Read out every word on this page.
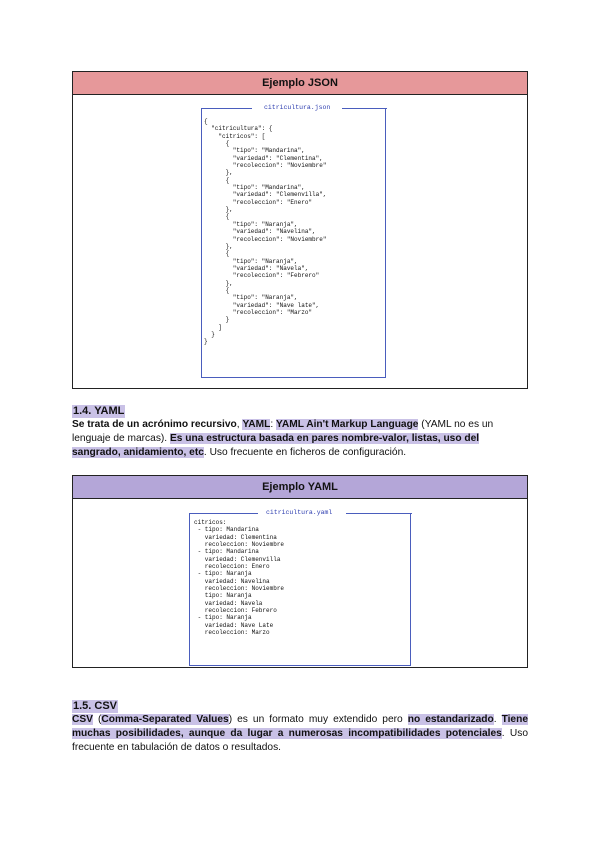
Ejemplo JSON
citricultura.json
{
"citricultura": {
"citricos": [
{
"tipo": "Mandarina",
"variedad": "Clementina",
"recoleccion": "Noviembre"
},
{
"tipo": "Mandarina",
"variedad": "Clemenvilla",
"recoleccion": "Enero"
},
{
"tipo": "Naranja",
"variedad": "Navelina",
"recoleccion": "Noviembre"
},
{
"tipo": "Naranja",
"variedad": "Navela",
"recoleccion": "Febrero"
},
{
"tipo": "Naranja",
"variedad": "Nave late",
"recoleccion": "Marzo"
}
]
}
}
1.4. YAML
Se trata de un acrónimo recursivo, YAML: YAML Ain't Markup Language (YAML no es un lenguaje de marcas). Es una estructura basada en pares nombre-valor, listas, uso del sangrado, anidamiento, etc. Uso frecuente en ficheros de configuración.
Ejemplo YAML
citricultura.yaml
citricos:
- tipo: Mandarina
variedad: Clementina
recoleccion: Noviembre
- tipo: Mandarina
variedad: Clemenvilla
recoleccion: Enero
- tipo: Naranja
variedad: Navelina
recoleccion: Noviembre
tipo: Naranja
variedad: Navela
recoleccion: Febrero
- tipo: Naranja
variedad: Nave Late
recoleccion: Marzo
1.5. CSV
CSV (Comma-Separated Values) es un formato muy extendido pero no estandarizado. Tiene muchas posibilidades, aunque da lugar a numerosas incompatibilidades potenciales. Uso frecuente en tabulación de datos o resultados.
